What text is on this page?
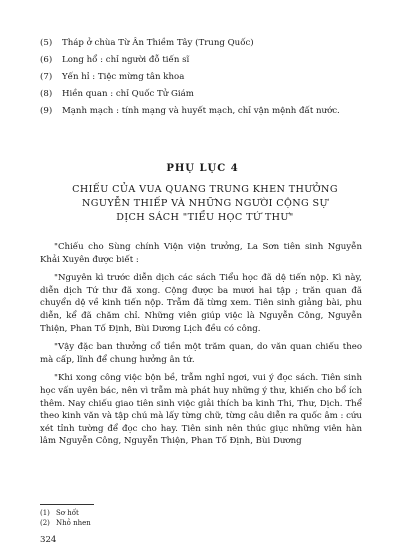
(5)	Tháp ở chùa Từ Ân Thiềm Tây (Trung Quốc)
(6)	Long hổ : chỉ người đỗ tiến sĩ
(7)	Yến hỉ : Tiệc mừng tân khoa
(8)	Hiền quan : chỉ Quốc Tử Giám
(9)	Mạnh mạch : tính mạng và huyết mạch, chỉ vận mệnh đất nước.
PHỤ LỤC 4
CHIẾU CỦA VUA QUANG TRUNG KHEN THƯỞNG
NGUYỄN THIẾP VÀ NHỮNG NGƯỜI CỘNG SỰ
DỊCH SÁCH "TIỂU HỌC TỨ THƯ"

"Chiếu cho Sùng chính Viện viện trưởng, La Sơn tiên sinh Nguyễn Khải Xuyên được biết :

"Nguyên kì trước diễn dịch các sách Tiểu học đã dệ tiến nộp. Kì này, diễn dịch Tứ thư đã xong. Cộng được ba mươi hai tập ; trăn quan đã chuyển dệ về kinh tiến nộp. Trẫm đã từng xem. Tiên sinh giảng bài, phu diễn, kể đã chăm chỉ. Những viên giúp việc là Nguyễn Công, Nguyễn Thiện, Phan Tố Định, Bùi Dương Lịch đều có công.

"Vậy đặc ban thưởng cổ tiền một trăm quan, do văn quan chiếu theo mà cấp, lĩnh để chung hưởng ân tứ.

"Khi xong công việc bộn bề, trẫm nghỉ ngơi, vui ý đọc sách. Tiên sinh học vấn uyên bác, nên vì trẫm mà phát huy những ý thư, khiến cho bổ ích thêm. Nay chiếu giao tiên sinh việc giải thích ba kinh Thi, Thư, Dịch. Thể theo kinh văn và tập chú mà lấy từng chữ, từng câu diễn ra quốc âm : cứu xét tỉnh tường để đọc cho hay. Tiên sinh nên thúc giục những viên hàn lâm Nguyễn Công, Nguyễn Thiện, Phan Tố Định, Bùi Dương

(1) Sơ hốt
(2) Nhỏ nhen
324
